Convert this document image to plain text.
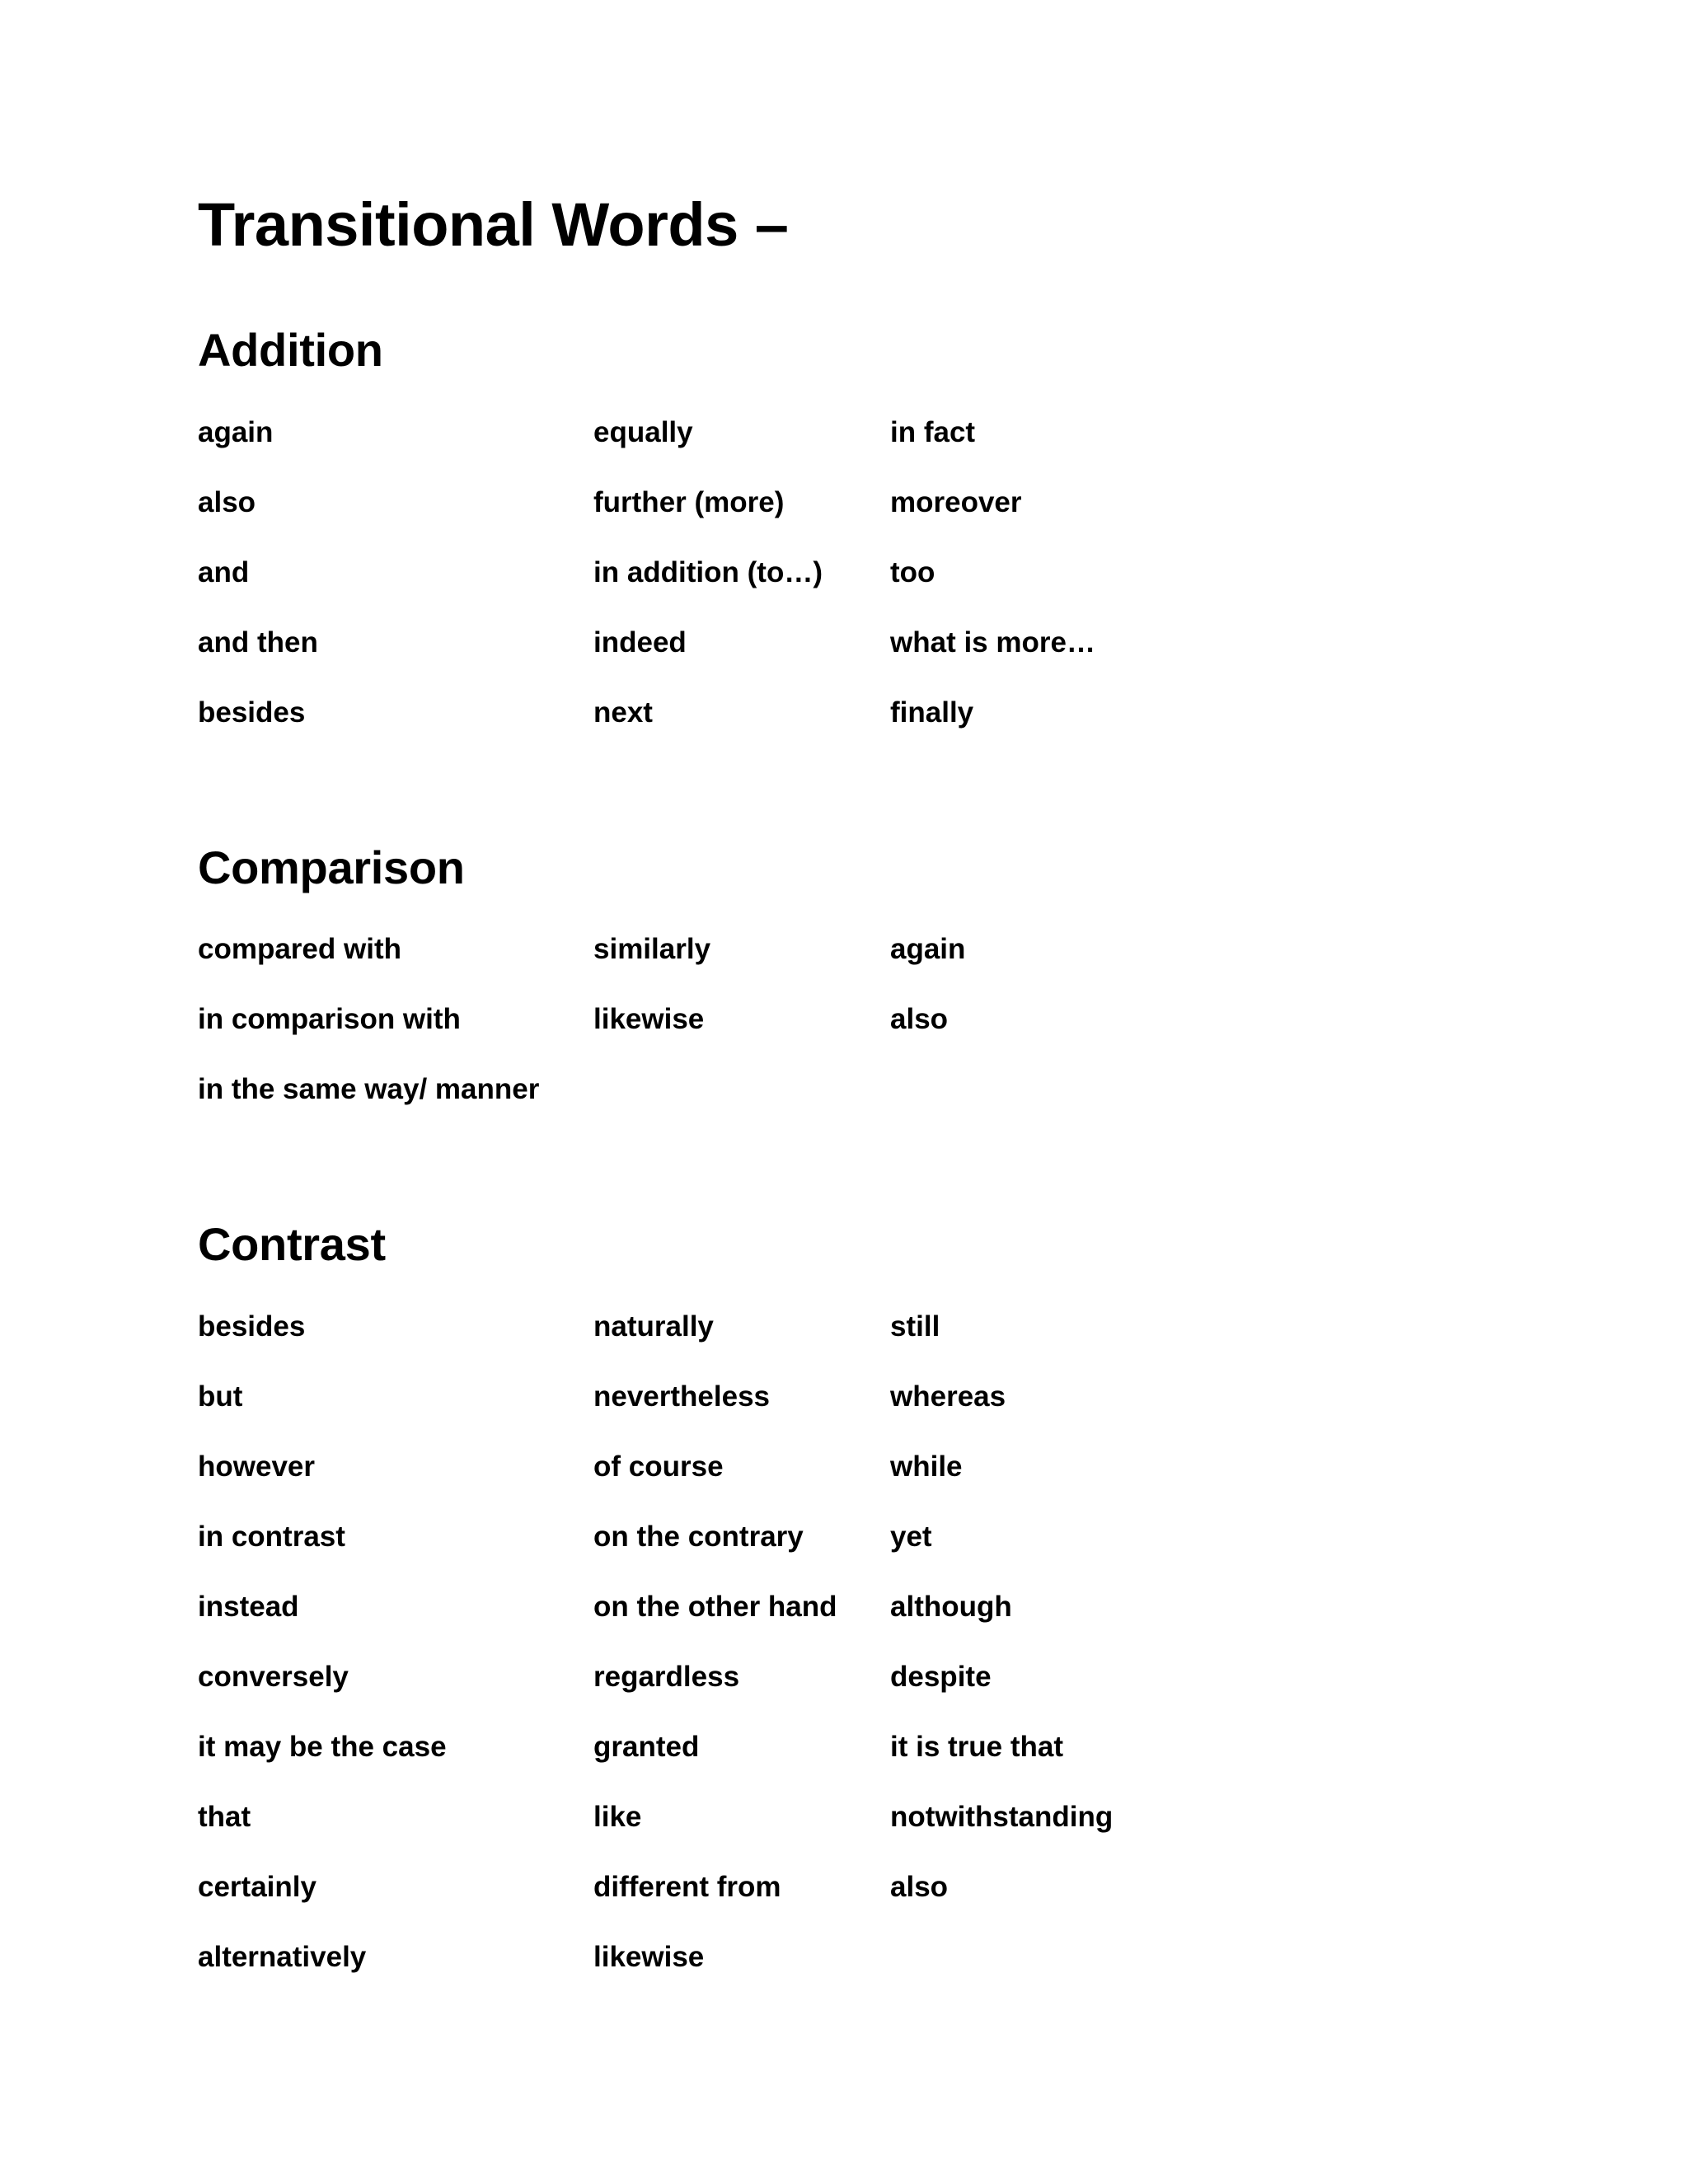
Transitional Words –
Addition
again	equally	in fact
also	further (more)	moreover
and	in addition (to…)	too
and then	indeed	what is more…
besides	next	finally
Comparison
compared with	similarly	again
in comparison with	likewise	also
in the same way/ manner
Contrast
besides	naturally	still
but	nevertheless	whereas
however	of course	while
in contrast	on the contrary	yet
instead	on the other hand	although
conversely	regardless	despite
it may be the case	granted	it is true that
that	like	notwithstanding
certainly	different from	also
alternatively	likewise
